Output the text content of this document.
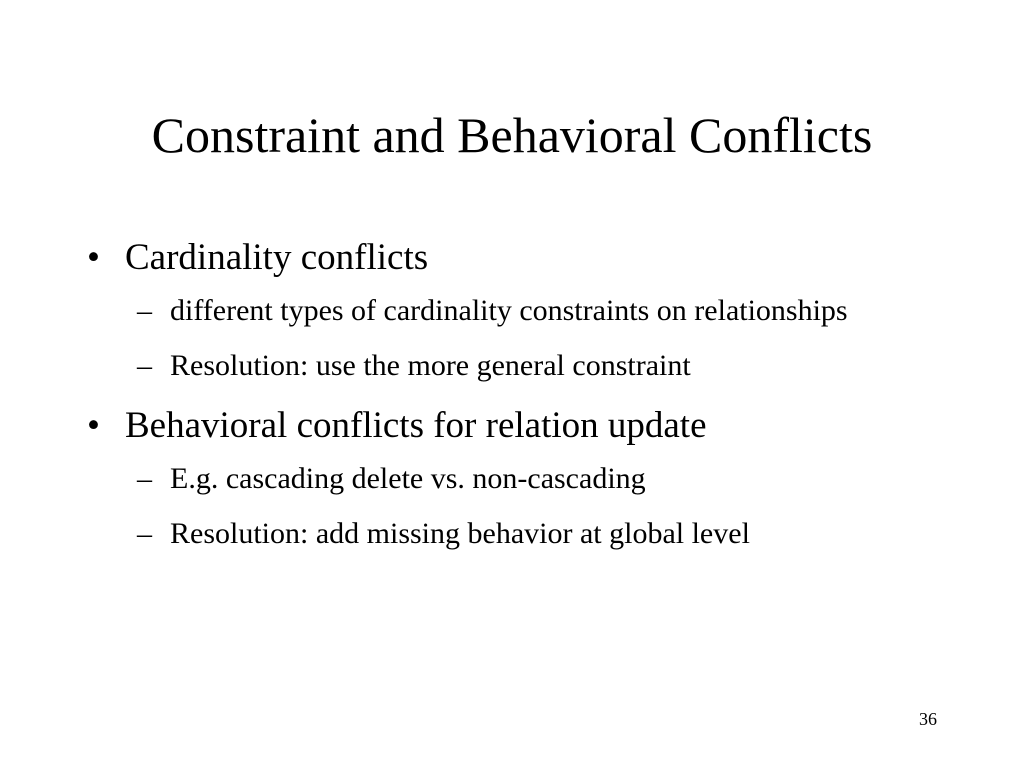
Constraint and Behavioral Conflicts
• Cardinality conflicts
– different types of cardinality constraints on relationships
– Resolution: use the more general constraint
• Behavioral conflicts for relation update
– E.g. cascading delete vs. non-cascading
– Resolution: add missing behavior at global level
36
